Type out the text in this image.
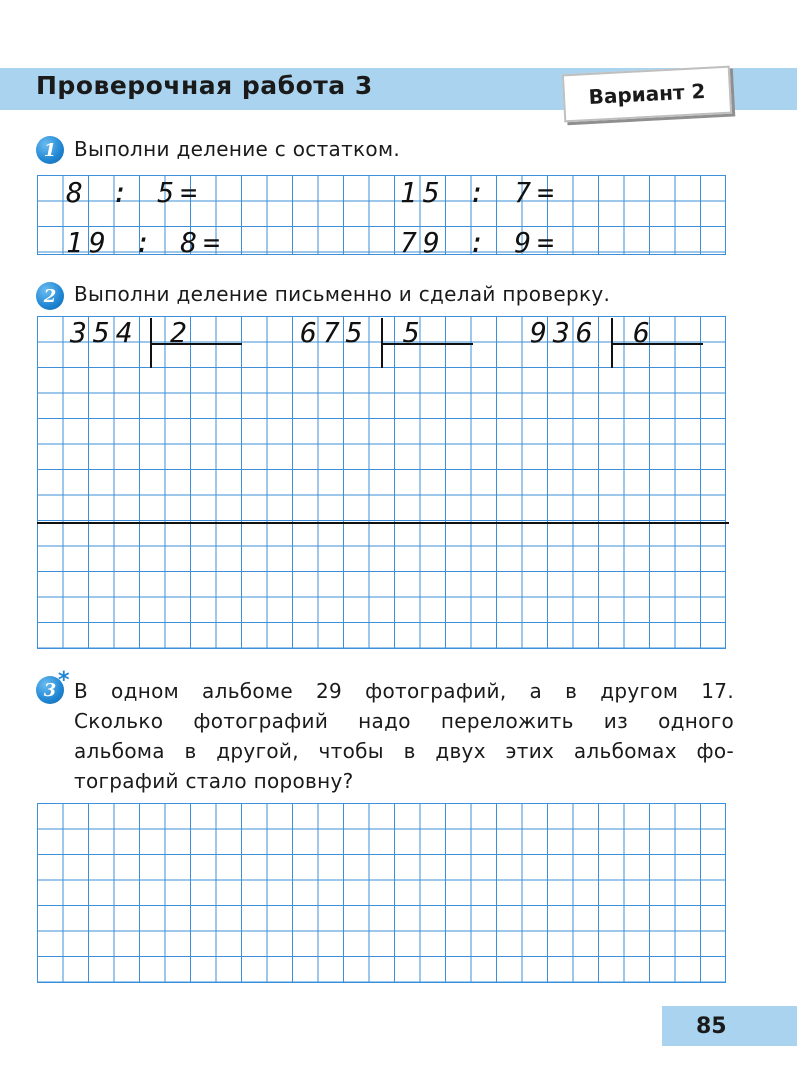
Проверочная работа 3	Вариант 2
1 Выполни деление с остатком.
8 : 5=	15 : 7=
19 : 8=	79 : 9=
2 Выполни деление письменно и сделай проверку.
354 2	675 5	936 6
3 * В одном альбоме 29 фотографий, а в другом 17.
Сколько фотографий надо переложить из одного
альбома в другой, чтобы в двух этих альбомах фо-
тографий стало поровну?
85
